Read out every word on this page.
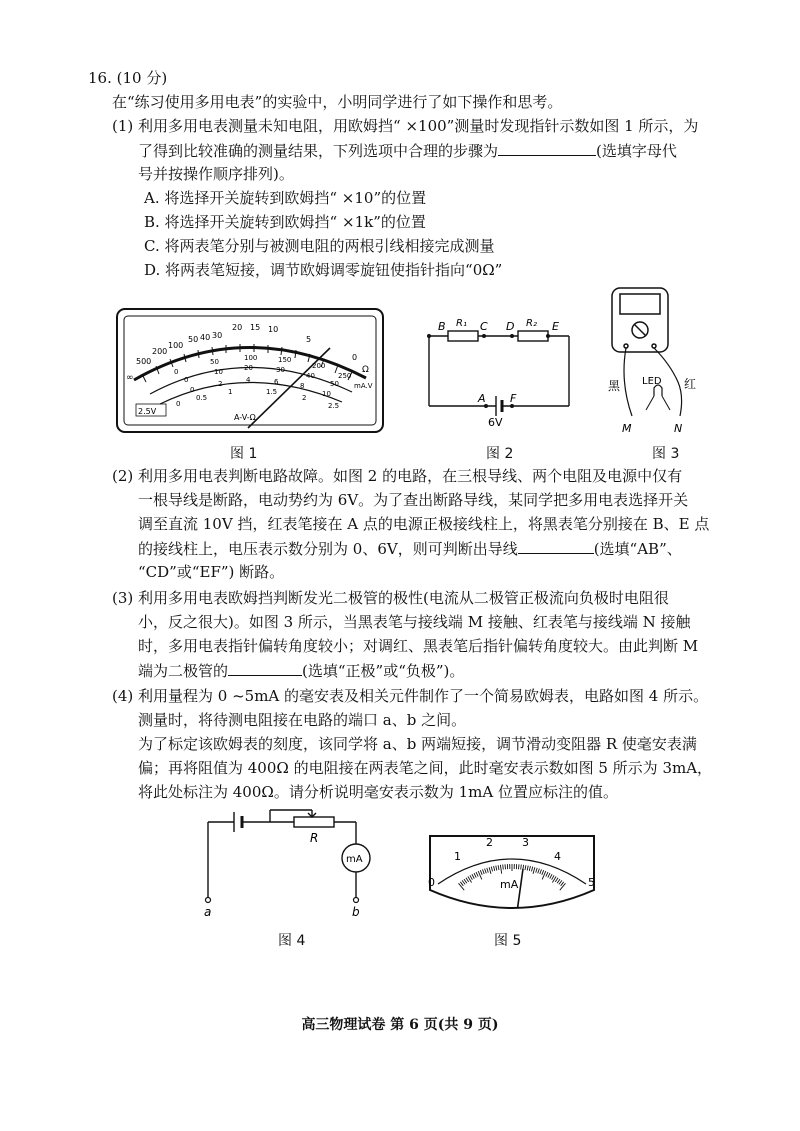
16. (10 分)
在“练习使用多用电表”的实验中，小明同学进行了如下操作和思考。
(1) 利用多用电表测量未知电阻，用欧姆挡“ ×100”测量时发现指针示数如图 1 所示，为
了得到比较准确的测量结果，下列选项中合理的步骤为	(选填字母代
号并按操作顺序排列)。
A. 将选择开关旋转到欧姆挡“ ×10”的位置
B. 将选择开关旋转到欧姆挡“ ×1k”的位置
C. 将两表笔分别与被测电阻的两根引线相接完成测量
D. 将两表笔短接，调节欧姆调零旋钮使指针指向“0Ω”
∞
500
200
100
50 40 30
20 15 10
5
0
Ω
mA.V
0
50	100	150
200
250
0
10	20	30
40
50
0
2	4	6	8
10
0
0.5
1	1.5
2
2.5
2.5V
A-V-Ω
图 1
B	C D	E
A F
R₁	R₂
6V
图 2
LED
黑	红
M	N
图 3
(2) 利用多用电表判断电路故障。如图 2 的电路，在三根导线、两个电阻及电源中仅有
一根导线是断路，电动势约为 6V。为了查出断路导线，某同学把多用电表选择开关
调至直流 10V 挡，红表笔接在 A 点的电源正极接线柱上，将黑表笔分别接在 B、E 点
的接线柱上，电压表示数分别为 0、6V，则可判断出导线	(选填“AB”、
“CD”或“EF”) 断路。
(3) 利用多用电表欧姆挡判断发光二极管的极性(电流从二极管正极流向负极时电阻很
小，反之很大)。如图 3 所示，当黑表笔与接线端 M 接触、红表笔与接线端 N 接触
时，多用电表指针偏转角度较小；对调红、黑表笔后指针偏转角度较大。由此判断 M
端为二极管的	(选填“正极”或“负极”)。
(4) 利用量程为 0 ~5mA 的毫安表及相关元件制作了一个简易欧姆表，电路如图 4 所示。
测量时，将待测电阻接在电路的端口 a、b 之间。
为了标定该欧姆表的刻度，该同学将 a、b 两端短接，调节滑动变阻器 R 使毫安表满
偏；再将阻值为 400Ω 的电阻接在两表笔之间，此时毫安表示数如图 5 所示为 3mA，
将此处标注为 400Ω。请分析说明毫安表示数为 1mA 位置应标注的值。
R
mA
a	b
图 4
0
1
2	3
4
5
mA
图 5
高三物理试卷 第 6 页(共 9 页)
